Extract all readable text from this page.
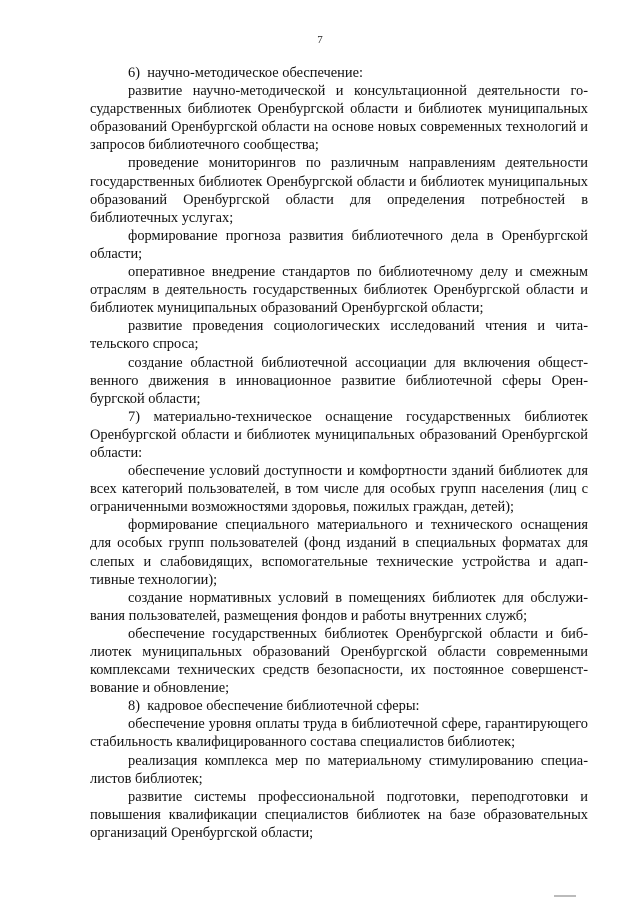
7

6)  научно-методическое обеспечение:

развитие научно-методической и консультационной деятельности государственных библиотек Оренбургской области и библиотек муниципальных образований Оренбургской области на основе новых современных технологий и запросов библиотечного сообщества;

проведение мониторингов по различным направлениям деятельности государственных библиотек Оренбургской области и библиотек муниципальных образований Оренбургской области для определения потребностей в библиотечных услугах;

формирование прогноза развития библиотечного дела в Оренбургской области;

оперативное внедрение стандартов по библиотечному делу и смежным отраслям в деятельность государственных библиотек Оренбургской области и библиотек муниципальных образований Оренбургской области;

развитие проведения социологических исследований чтения и читательского спроса;

создание областной библиотечной ассоциации для включения общественного движения в инновационное развитие библиотечной сферы Оренбургской области;

7) материально-техническое оснащение государственных библиотек Оренбургской области и библиотек муниципальных образований Оренбургской области:

обеспечение условий доступности и комфортности зданий библиотек для всех категорий пользователей, в том числе для особых групп населения (лиц с ограниченными возможностями здоровья, пожилых граждан, детей);

формирование специального материального и технического оснащения для особых групп пользователей (фонд изданий в специальных форматах для слепых и слабовидящих, вспомогательные технические устройства и адаптивные технологии);

создание нормативных условий в помещениях библиотек для обслуживания пользователей, размещения фондов и работы внутренних служб;

обеспечение государственных библиотек Оренбургской области и библиотек муниципальных образований Оренбургской области современными комплексами технических средств безопасности, их постоянное совершенствование и обновление;

8)  кадровое обеспечение библиотечной сферы:

обеспечение уровня оплаты труда в библиотечной сфере, гарантирующего стабильность квалифицированного состава специалистов библиотек;

реализация комплекса мер по материальному стимулированию специалистов библиотек;

развитие системы профессиональной подготовки, переподготовки и повышения квалификации специалистов библиотек на базе образовательных организаций Оренбургской области;
